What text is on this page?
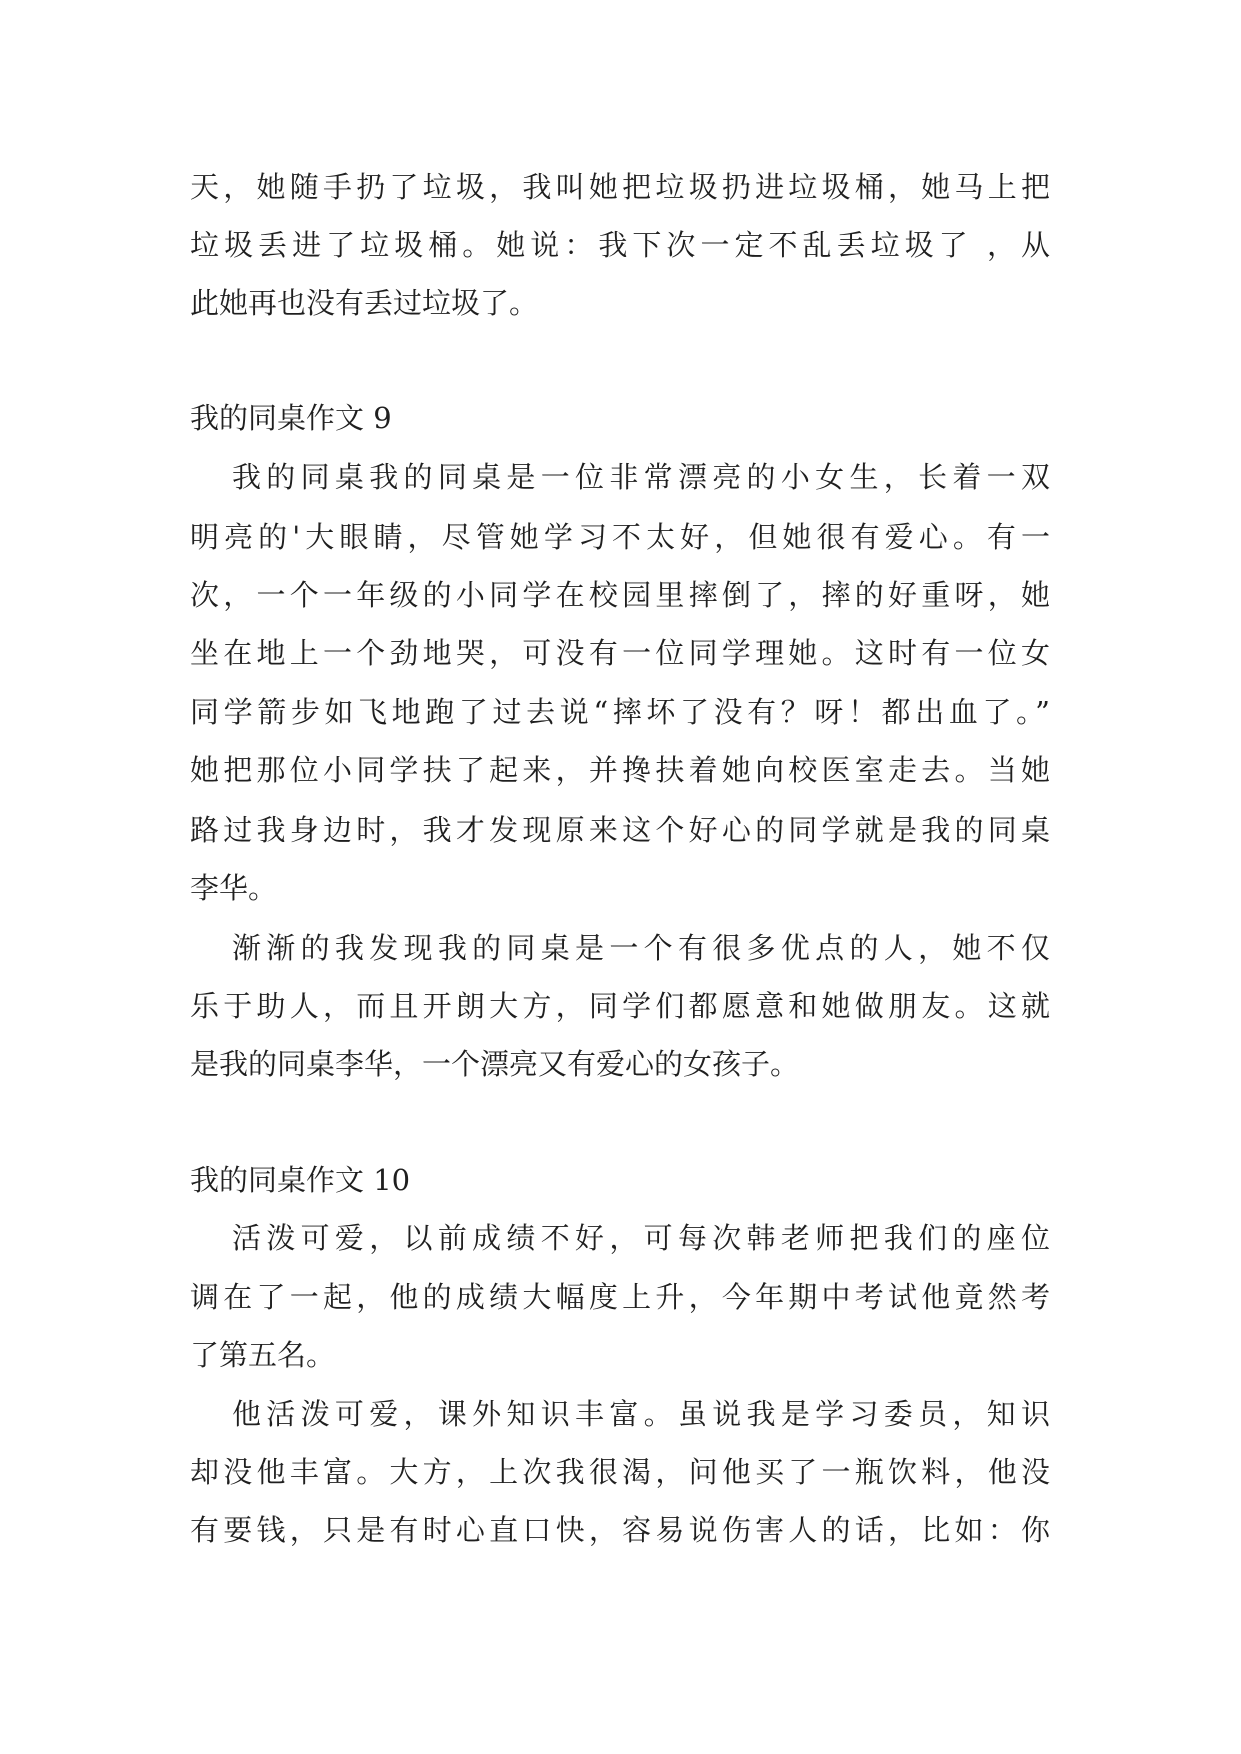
天，她随手扔了垃圾，我叫她把垃圾扔进垃圾桶，她马上把
垃圾丢进了垃圾桶。她说：我下次一定不乱丢垃圾了 ，从
此她再也没有丢过垃圾了。
我的同桌作文 9
我的同桌我的同桌是一位非常漂亮的小女生，长着一双
明亮的'大眼睛，尽管她学习不太好，但她很有爱心。有一
次，一个一年级的小同学在校园里摔倒了，摔的好重呀，她
坐在地上一个劲地哭，可没有一位同学理她。这时有一位女
同学箭步如飞地跑了过去说“摔坏了没有？呀！都出血了。”
她把那位小同学扶了起来，并搀扶着她向校医室走去。当她
路过我身边时，我才发现原来这个好心的同学就是我的同桌
李华。
渐渐的我发现我的同桌是一个有很多优点的人，她不仅
乐于助人，而且开朗大方，同学们都愿意和她做朋友。这就
是我的同桌李华，一个漂亮又有爱心的女孩子。
我的同桌作文 10
活泼可爱，以前成绩不好，可每次韩老师把我们的座位
调在了一起，他的成绩大幅度上升，今年期中考试他竟然考
了第五名。
他活泼可爱，课外知识丰富。虽说我是学习委员，知识
却没他丰富。大方，上次我很渴，问他买了一瓶饮料，他没
有要钱，只是有时心直口快，容易说伤害人的话，比如：你
